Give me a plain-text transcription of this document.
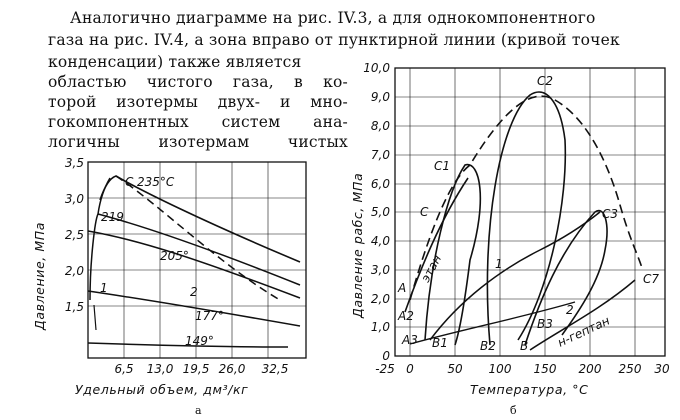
Аналогично диаграмме на рис. IV.3, а для однокомпонентного
газа на рис. IV.4, а зона вправо от пунктирной линии (кривой точек
конденсации) также является
областью чистого газа, в ко-
торой изотермы двух- и мно-
гокомпонентных систем ана-
логичны изотермам чистых
3,5
3,0
2,5
2,0
1,5
6,5 13,0 19,5 26,0 32,5
Давление, МПа
Удельный объем, дм³/кг
C 235°C
219
205°
177°
149°
1	2
а
10,0
9,0
8,0
7,0
6,0
5,0
4,0
3,0
2,0
1,0
0
-25 0	50 100 150 200 250 30
Давление pабс, МПа
Температура, °C
C1
C2
C3
C7
C
A
A2
A3	B
B1	B2
B3
этан
н-гептан
1
2
б
